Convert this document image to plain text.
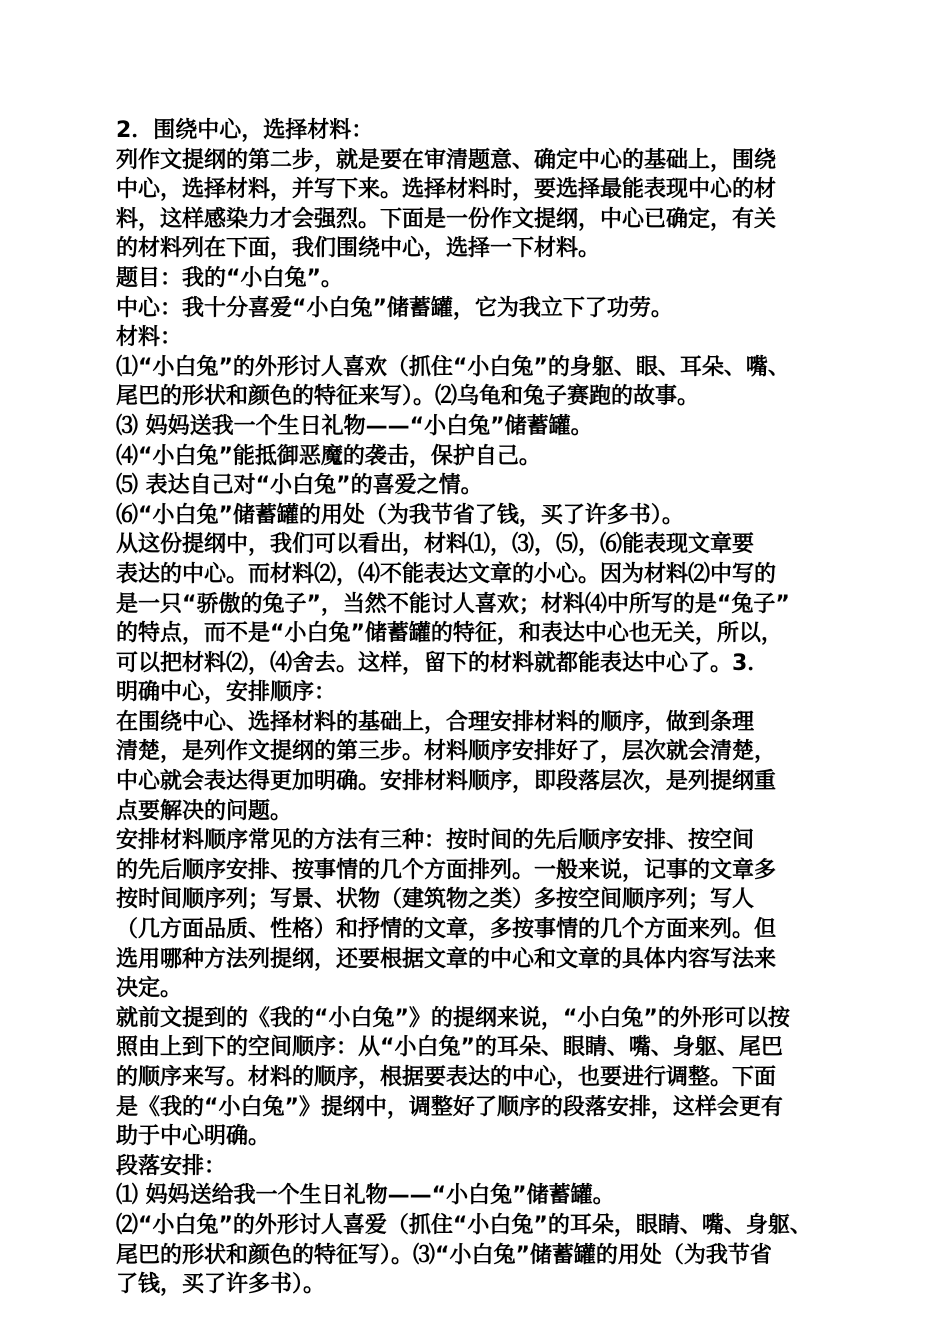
2．围绕中心，选择材料：
列作文提纲的第二步，就是要在审清题意、确定中心的基础上，围绕
中心，选择材料，并写下来。选择材料时，要选择最能表现中心的材
料，这样感染力才会强烈。下面是一份作文提纲，中心已确定，有关
的材料列在下面，我们围绕中心，选择一下材料。
题目：我的“小白兔”。
中心：我十分喜爱“小白兔”储蓄罐，它为我立下了功劳。
材料：
⑴“小白兔”的外形讨人喜欢（抓住“小白兔”的身躯、眼、耳朵、嘴、
尾巴的形状和颜色的特征来写）。⑵乌龟和兔子赛跑的故事。
⑶ 妈妈送我一个生日礼物——“小白兔”储蓄罐。
⑷“小白兔”能抵御恶魔的袭击，保护自己。
⑸ 表达自己对“小白兔”的喜爱之情。
⑹“小白兔”储蓄罐的用处（为我节省了钱，买了许多书）。
从这份提纲中，我们可以看出，材料⑴，⑶，⑸，⑹能表现文章要
表达的中心。而材料⑵，⑷不能表达文章的小心。因为材料⑵中写的
是一只“骄傲的兔子”，当然不能讨人喜欢；材料⑷中所写的是“兔子”
的特点，而不是“小白兔”储蓄罐的特征，和表达中心也无关，所以，
可以把材料⑵，⑷舍去。这样，留下的材料就都能表达中心了。3．
明确中心，安排顺序：
在围绕中心、选择材料的基础上，合理安排材料的顺序，做到条理
清楚，是列作文提纲的第三步。材料顺序安排好了，层次就会清楚，
中心就会表达得更加明确。安排材料顺序，即段落层次，是列提纲重
点要解决的问题。
安排材料顺序常见的方法有三种：按时间的先后顺序安排、按空间
的先后顺序安排、按事情的几个方面排列。一般来说，记事的文章多
按时间顺序列；写景、状物（建筑物之类）多按空间顺序列；写人
（几方面品质、性格）和抒情的文章，多按事情的几个方面来列。但
选用哪种方法列提纲，还要根据文章的中心和文章的具体内容写法来
决定。
就前文提到的《我的“小白兔”》的提纲来说，“小白兔”的外形可以按
照由上到下的空间顺序：从“小白兔”的耳朵、眼睛、嘴、身躯、尾巴
的顺序来写。材料的顺序，根据要表达的中心，也要进行调整。下面
是《我的“小白兔”》提纲中，调整好了顺序的段落安排，这样会更有
助于中心明确。
段落安排：
⑴ 妈妈送给我一个生日礼物——“小白兔”储蓄罐。
⑵“小白兔”的外形讨人喜爱（抓住“小白兔”的耳朵，眼睛、嘴、身躯、
尾巴的形状和颜色的特征写）。⑶“小白兔”储蓄罐的用处（为我节省
了钱，买了许多书）。
